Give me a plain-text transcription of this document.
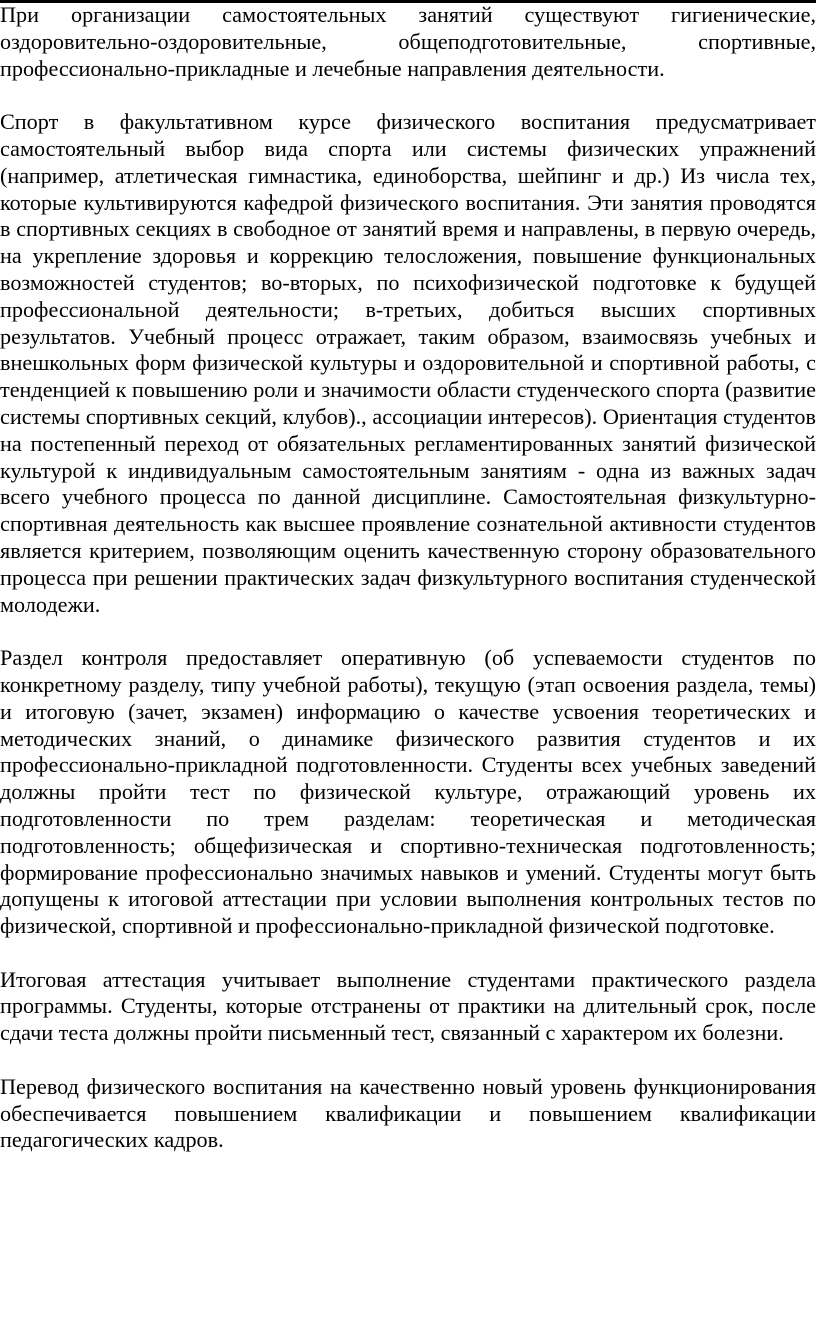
При организации самостоятельных занятий существуют гигиенические, оздоровительно-оздоровительные, общеподготовительные, спортивные, профессионально-прикладные и лечебные направления деятельности.

Спорт в факультативном курсе физического воспитания предусматривает самостоятельный выбор вида спорта или системы физических упражнений (например, атлетическая гимнастика, единоборства, шейпинг и др.) Из числа тех, которые культивируются кафедрой физического воспитания. Эти занятия проводятся в спортивных секциях в свободное от занятий время и направлены, в первую очередь, на укрепление здоровья и коррекцию телосложения, повышение функциональных возможностей студентов; во-вторых, по психофизической подготовке к будущей профессиональной деятельности; в-третьих, добиться высших спортивных результатов. Учебный процесс отражает, таким образом, взаимосвязь учебных и внешкольных форм физической культуры и оздоровительной и спортивной работы, с тенденцией к повышению роли и значимости области студенческого спорта (развитие системы спортивных секций, клубов)., ассоциации интересов). Ориентация студентов на постепенный переход от обязательных регламентированных занятий физической культурой к индивидуальным самостоятельным занятиям - одна из важных задач всего учебного процесса по данной дисциплине. Самостоятельная физкультурно-спортивная деятельность как высшее проявление сознательной активности студентов является критерием, позволяющим оценить качественную сторону образовательного процесса при решении практических задач физкультурного воспитания студенческой молодежи.

Раздел контроля предоставляет оперативную (об успеваемости студентов по конкретному разделу, типу учебной работы), текущую (этап освоения раздела, темы) и итоговую (зачет, экзамен) информацию о качестве усвоения теоретических и методических знаний, о динамике физического развития студентов и их профессионально-прикладной подготовленности. Студенты всех учебных заведений должны пройти тест по физической культуре, отражающий уровень их подготовленности по трем разделам: теоретическая и методическая подготовленность; общефизическая и спортивно-техническая подготовленность; формирование профессионально значимых навыков и умений. Студенты могут быть допущены к итоговой аттестации при условии выполнения контрольных тестов по физической, спортивной и профессионально-прикладной физической подготовке.

Итоговая аттестация учитывает выполнение студентами практического раздела программы. Студенты, которые отстранены от практики на длительный срок, после сдачи теста должны пройти письменный тест, связанный с характером их болезни.

Перевод физического воспитания на качественно новый уровень функционирования обеспечивается повышением квалификации и повышением квалификации педагогических кадров.
